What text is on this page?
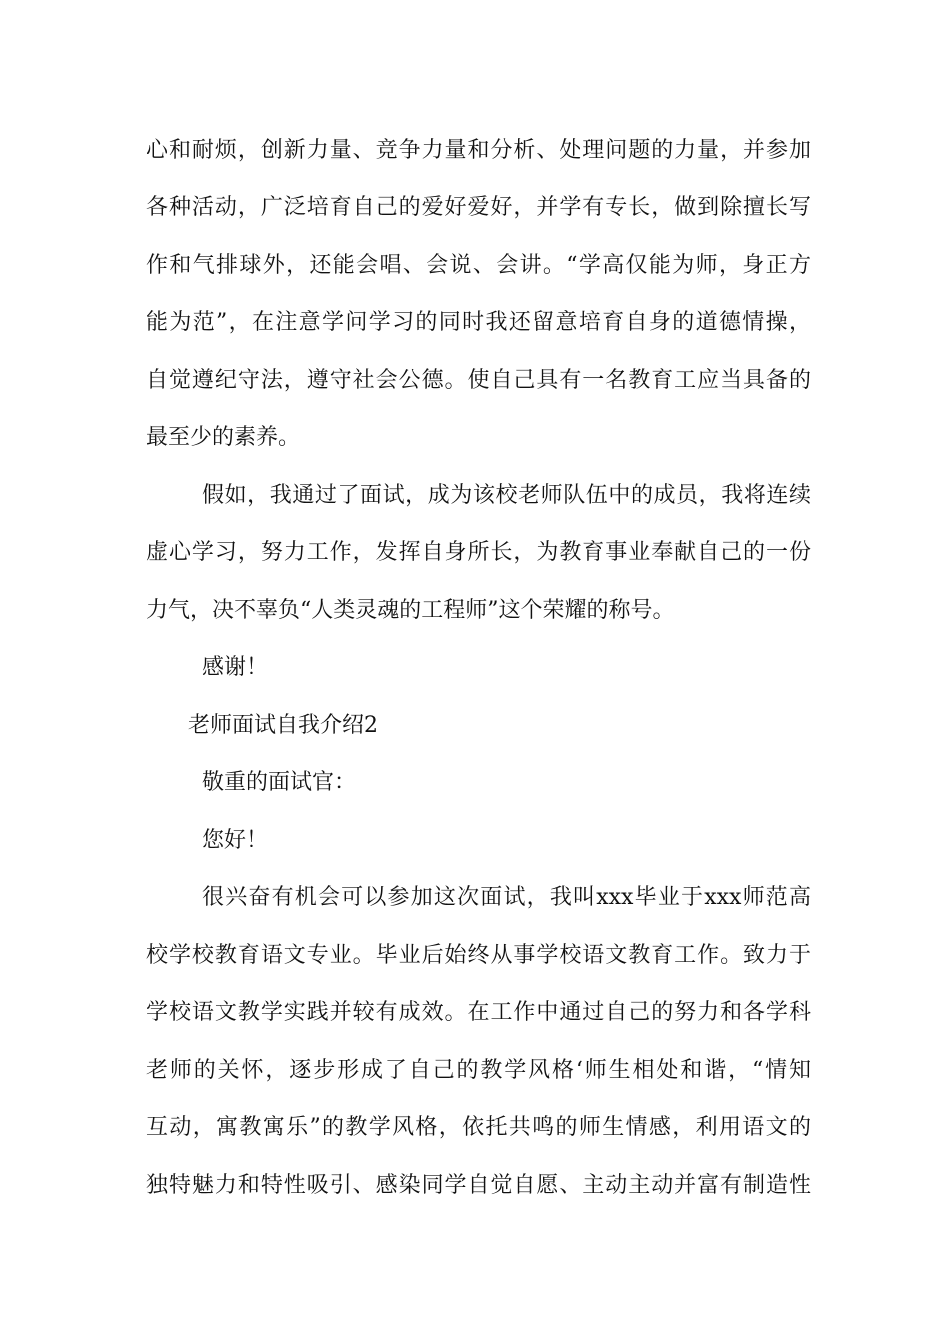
心和耐烦，创新力量、竞争力量和分析、处理问题的力量，并参加
各种活动，广泛培育自己的爱好爱好，并学有专长，做到除擅长写
作和气排球外，还能会唱、会说、会讲。“学高仅能为师，身正方
能为范”，在注意学问学习的同时我还留意培育自身的道德情操，
自觉遵纪守法，遵守社会公德。使自己具有一名教育工应当具备的
最至少的素养。
假如，我通过了面试，成为该校老师队伍中的成员，我将连续
虚心学习，努力工作，发挥自身所长，为教育事业奉献自己的一份
力气，决不辜负“人类灵魂的工程师”这个荣耀的称号。
感谢！
老师面试自我介绍2
敬重的面试官：
您好！
很兴奋有机会可以参加这次面试，我叫xxx毕业于xxx师范高
校学校教育语文专业。毕业后始终从事学校语文教育工作。致力于
学校语文教学实践并较有成效。在工作中通过自己的努力和各学科
老师的关怀，逐步形成了自己的教学风格‘师生相处和谐，“情知
互动，寓教寓乐”的教学风格，依托共鸣的师生情感，利用语文的
独特魅力和特性吸引、感染同学自觉自愿、主动主动并富有制造性
